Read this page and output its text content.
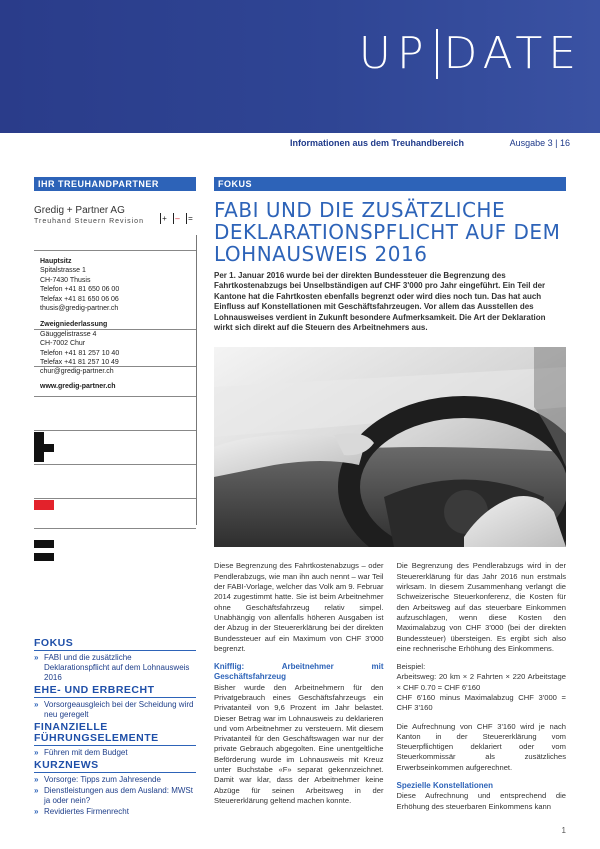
UP DATE
Informationen aus dem Treuhandbereich	Ausgabe 3 | 16
IHR TREUHANDPARTNER
Gredig + Partner AG
Treuhand Steuern Revision	+ – =
Hauptsitz
Spitalstrasse 1
CH-7430 Thusis
Telefon +41 81 650 06 00
Telefax +41 81 650 06 06
thusis@gredig-partner.ch
Zweigniederlassung
Gäuggelistrasse 4
CH-7002 Chur
Telefon +41 81 257 10 40
Telefax +41 81 257 10 49
chur@gredig-partner.ch
www.gredig-partner.ch
FOKUS
» FABI und die zusätzliche Deklarationspflicht auf dem Lohnausweis 2016
EHE- UND ERBRECHT
» Vorsorgeausgleich bei der Scheidung wird neu geregelt
FINANZIELLE FÜHRUNGSELEMENTE
» Führen mit dem Budget
KURZNEWS
» Vorsorge: Tipps zum Jahresende
» Dienstleistungen aus dem Ausland: MWSt ja oder nein?
» Revidiertes Firmenrecht
FOKUS
FABI UND DIE ZUSÄTZLICHE DEKLARATIONSPFLICHT AUF DEM LOHNAUSWEIS 2016
Per 1. Januar 2016 wurde bei der direkten Bundessteuer die Begrenzung des Fahrtkostenabzugs bei Unselbständigen auf CHF 3'000 pro Jahr eingeführt. Ein Teil der Kantone hat die Fahrtkosten ebenfalls begrenzt oder wird dies noch tun. Das hat auch Einfluss auf Konstellationen mit Geschäftsfahrzeugen. Vor allem das Ausstellen des Lohnausweises verdient in Zukunft besondere Aufmerksamkeit. Die Art der Deklaration wirkt sich direkt auf die Steuern des Arbeitnehmers aus.

Diese Begrenzung des Fahrtkostenabzugs – oder Pendlerabzugs, wie man ihn auch nennt – war Teil der FABI-Vorlage, welcher das Volk am 9. Februar 2014 zugestimmt hatte. Sie ist beim Arbeitnehmer ohne Geschäftsfahrzeug relativ simpel. Unabhängig von allenfalls höheren Ausgaben ist der Abzug in der Steuererklärung bei der direkten Bundessteuer auf ein Maximum von CHF 3'000 begrenzt.

Knifflig: Arbeitnehmer mit Geschäftsfahrzeug

Bisher wurde den Arbeitnehmern für den Privatgebrauch eines Geschäftsfahrzeugs ein Privatanteil von 9,6 Prozent im Jahr belastet. Dieser Betrag war im Lohnausweis zu deklarieren und vom Arbeitnehmer zu versteuern. Mit diesem Privatanteil für den Geschäftswagen war nur der private Gebrauch abgegolten. Eine unentgeltliche Beförderung wurde im Lohnausweis mit Kreuz unter Buchstabe «F» separat gekennzeichnet. Damit war klar, dass der Arbeitnehmer keine Abzüge für seinen Arbeitsweg in der Steuererklärung geltend machen konnte.

Die Begrenzung des Pendlerabzugs wird in der Steuererklärung für das Jahr 2016 nun erstmals wirksam. In diesem Zusammenhang verlangt die Schweizerische Steuerkonferenz, die Kosten für den Arbeitsweg auf das steuerbare Einkommen aufzuschlagen, wenn diese Kosten den Maximalabzug von CHF 3'000 (bei der direkten Bundessteuer) übersteigen. Es ergibt sich also eine rechnerische Erhöhung des Einkommens.

Beispiel:
Arbeitsweg: 20 km × 2 Fahrten × 220 Arbeitstage × CHF 0.70 = CHF 6'160

CHF 6'160 minus Maximalabzug CHF 3'000 = CHF 3'160

Die Aufrechnung von CHF 3'160 wird je nach Kanton in der Steuererklärung vom Steuerpflichtigen deklariert oder vom Steuerkommissär als zusätzliches Erwerbseinkommen aufgerechnet.

Spezielle Konstellationen

Diese Aufrechnung und entsprechend die Erhöhung des steuerbaren Einkommens kann

1
